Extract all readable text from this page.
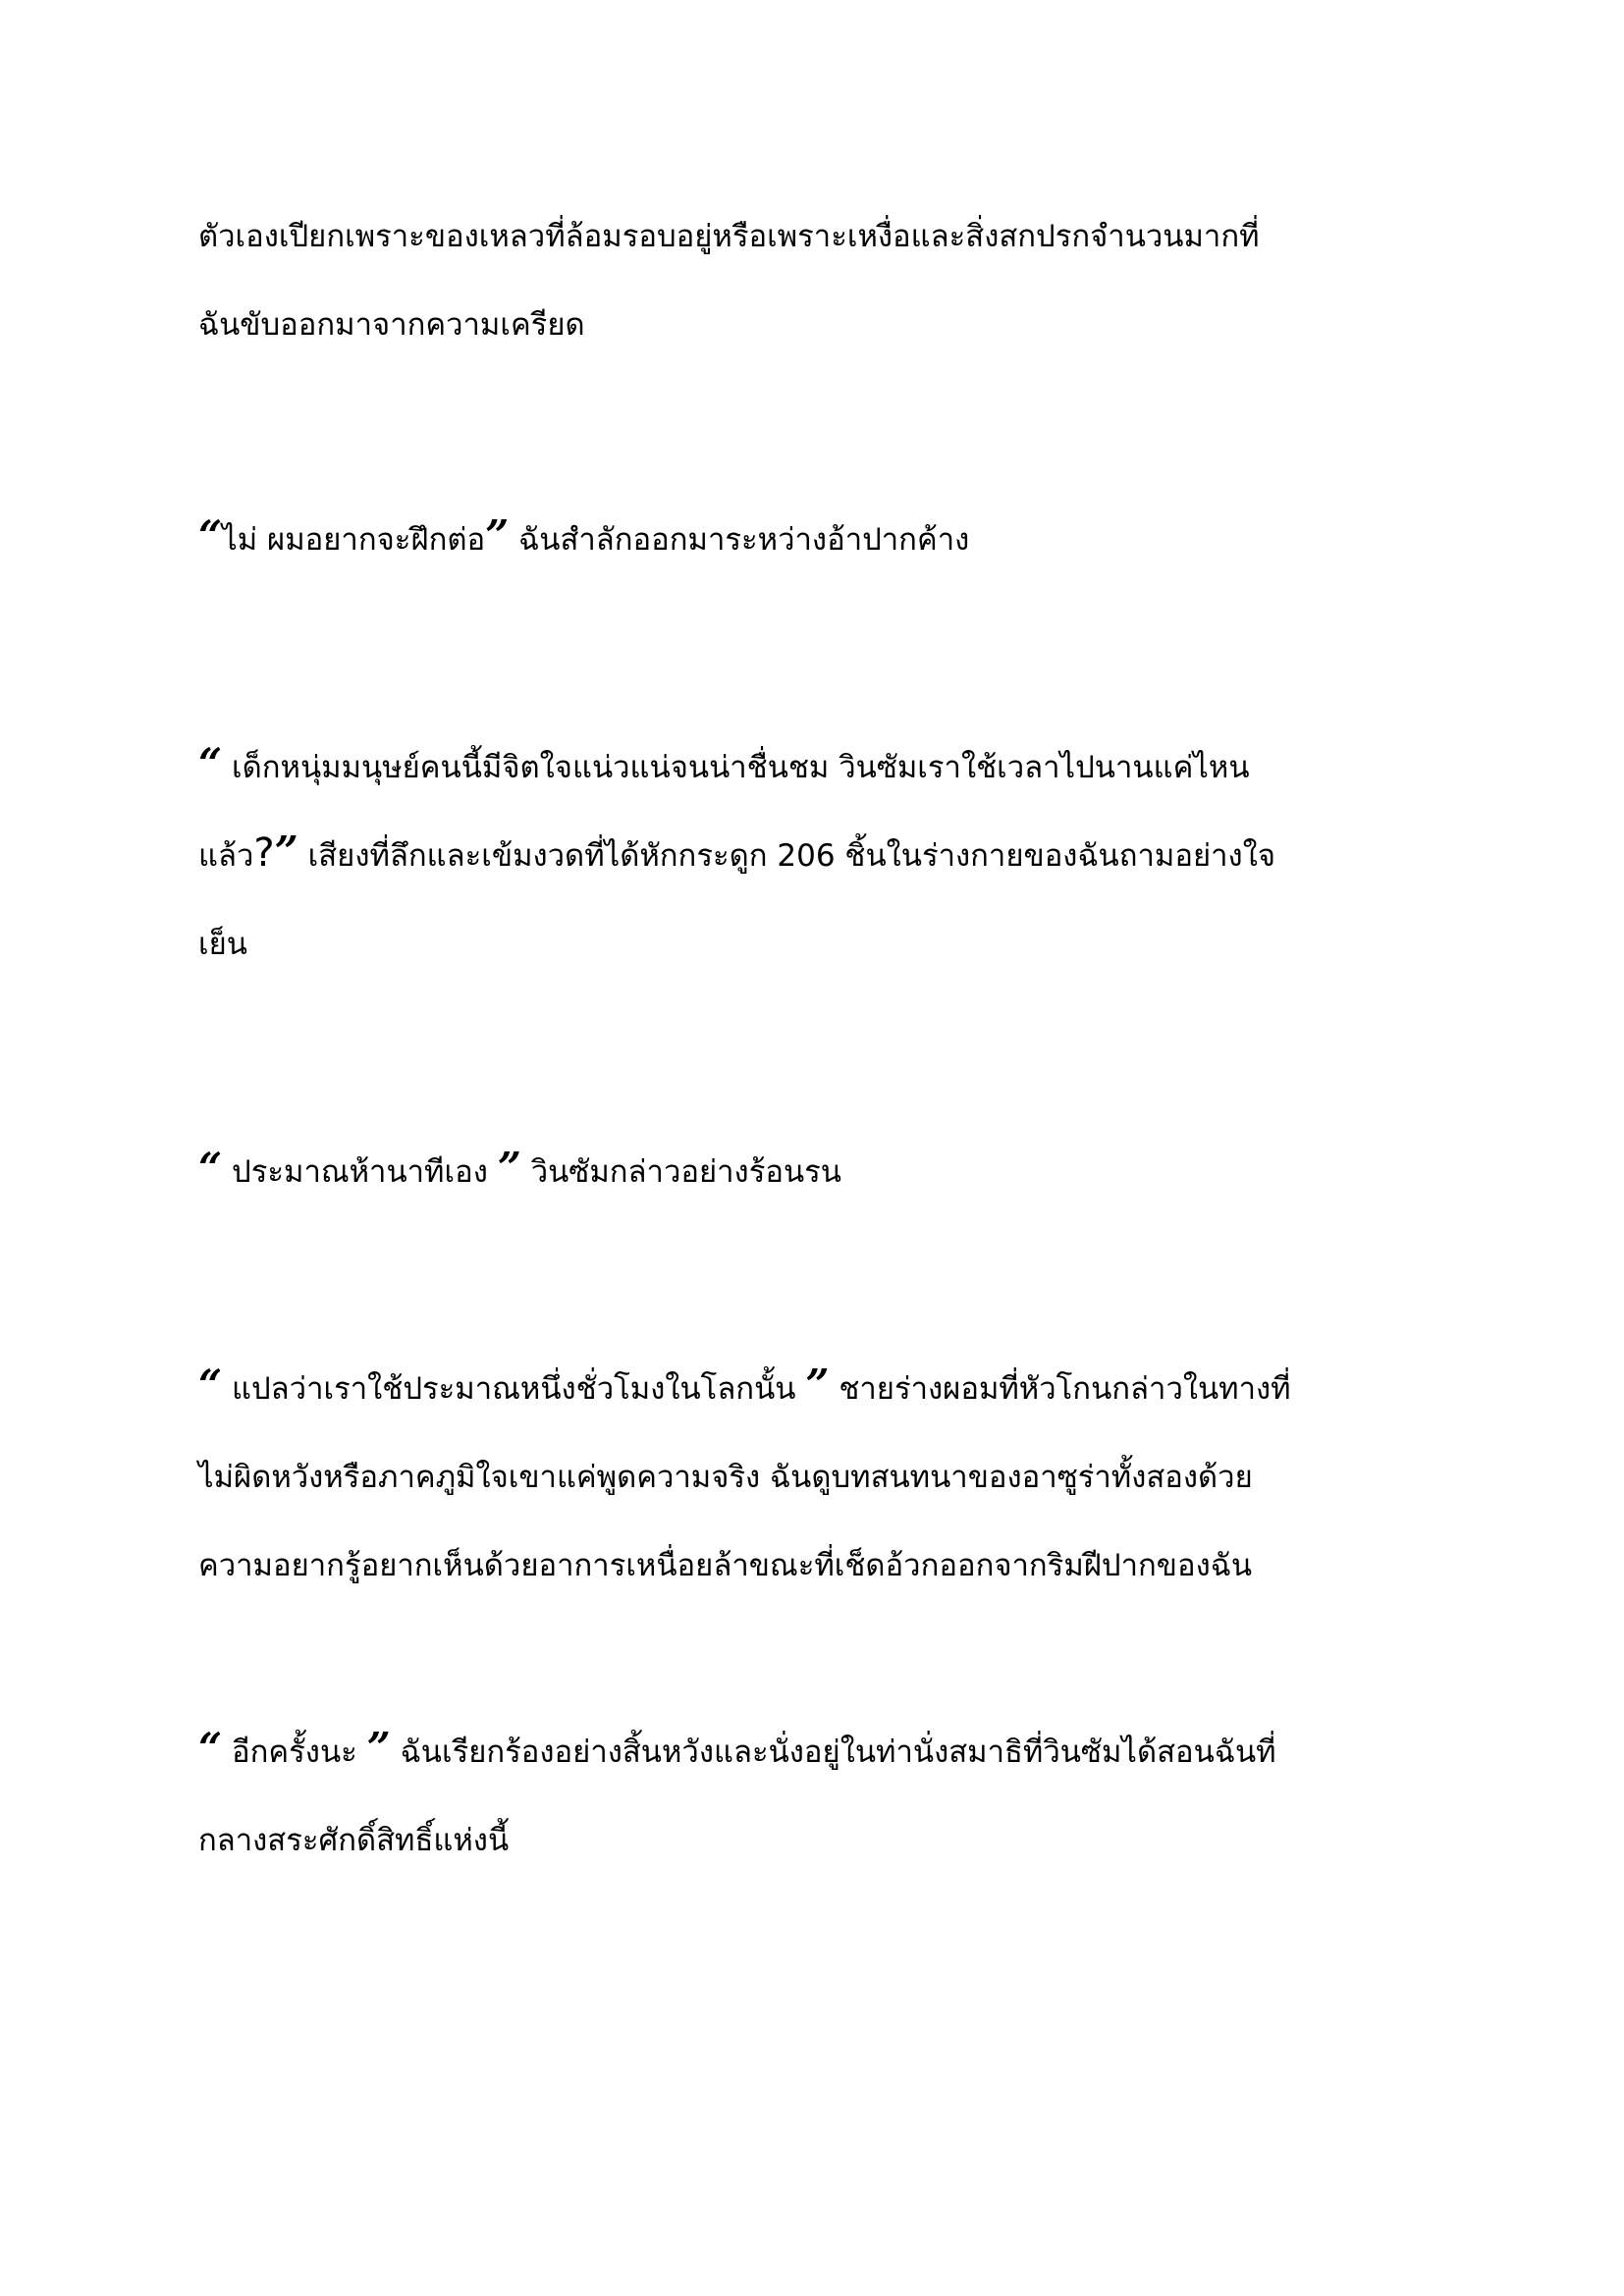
ตัวเองเปียกเพราะของเหลวที่ล้อมรอบอยู่หรือเพราะเหงื่อและสิ่งสกปรกจำนวนมากที่
ฉันขับออกมาจากความเครียด

“ไม่ ผมอยากจะฝึกต่อ” ฉันสำลักออกมาระหว่างอ้าปากค้าง

“ เด็กหนุ่มมนุษย์คนนี้มีจิตใจแน่วแน่จนน่าชื่นชม วินซัมเราใช้เวลาไปนานแค่ไหน
แล้ว?” เสียงที่ลึกและเข้มงวดที่ได้หักกระดูก 206 ชิ้นในร่างกายของฉันถามอย่างใจ
เย็น

“ ประมาณห้านาทีเอง ” วินซัมกล่าวอย่างร้อนรน

“ แปลว่าเราใช้ประมาณหนึ่งชั่วโมงในโลกนั้น ” ชายร่างผอมที่หัวโกนกล่าวในทางที่
ไม่ผิดหวังหรือภาคภูมิใจเขาแค่พูดความจริง ฉันดูบทสนทนาของอาซูร่าทั้งสองด้วย
ความอยากรู้อยากเห็นด้วยอาการเหนื่อยล้าขณะที่เช็ดอ้วกออกจากริมฝีปากของฉัน

“ อีกครั้งนะ ” ฉันเรียกร้องอย่างสิ้นหวังและนั่งอยู่ในท่านั่งสมาธิที่วินซัมได้สอนฉันที่
กลางสระศักดิ์สิทธิ์แห่งนี้
